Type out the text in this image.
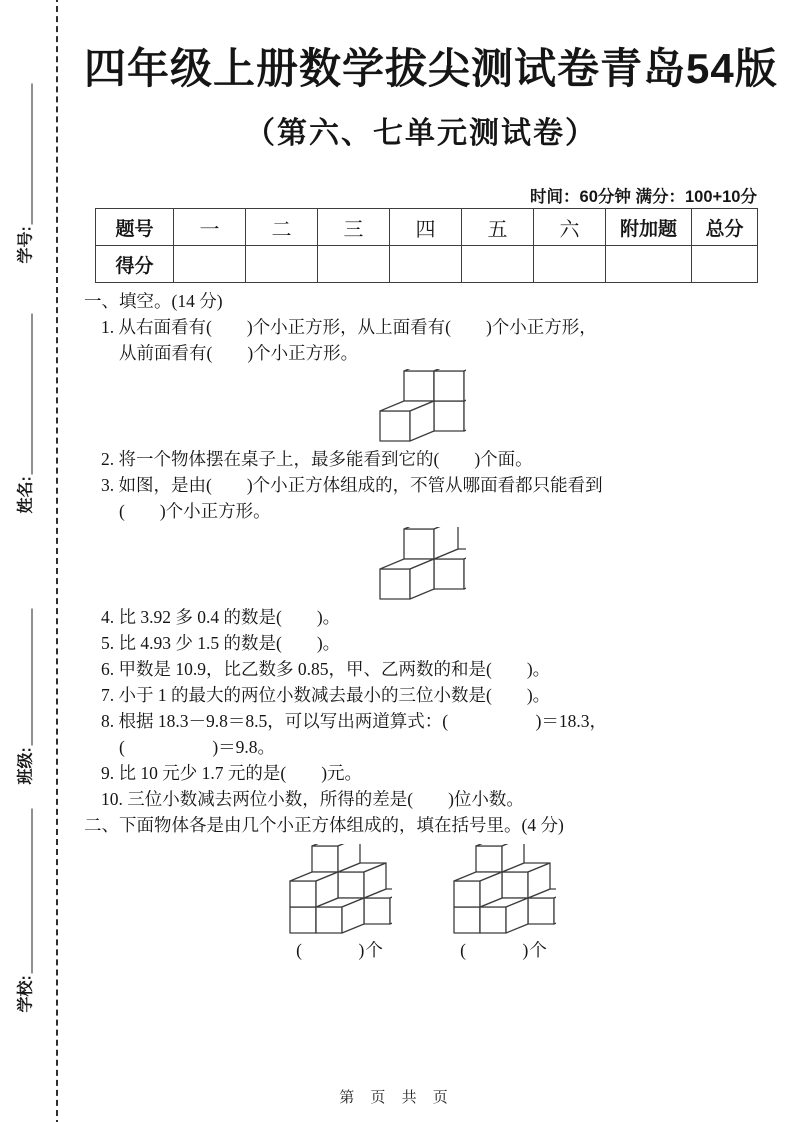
学号:
姓名:
班级:
学校:
四年级上册数学拔尖测试卷青岛54版
（第六、七单元测试卷）
时间：60分钟 满分：100+10分
题号	一	二	三	四	五	六	附加题	总分
得分								
一、填空。(14 分)
1. 从右面看有(　　)个小正方形，从上面看有(　　)个小正方形，
从前面看有(　　)个小正方形。
2. 将一个物体摆在桌子上，最多能看到它的(　　)个面。
3. 如图，是由(　　)个小正方体组成的，不管从哪面看都只能看到
(　　)个小正方形。
4. 比 3.92 多 0.4 的数是(　　)。
5. 比 4.93 少 1.5 的数是(　　)。
6. 甲数是 10.9，比乙数多 0.85，甲、乙两数的和是(　　)。
7. 小于 1 的最大的两位小数减去最小的三位小数是(　　)。
8. 根据 18.3－9.8＝8.5，可以写出两道算式：(　　　　　)＝18.3，
(　　　　　)＝9.8。
9. 比 10 元少 1.7 元的是(　　)元。
10. 三位小数减去两位小数，所得的差是(　　)位小数。
二、下面物体各是由几个小正方体组成的，填在括号里。(4 分)
(　　　)个	(　　　)个
第 页 共 页
